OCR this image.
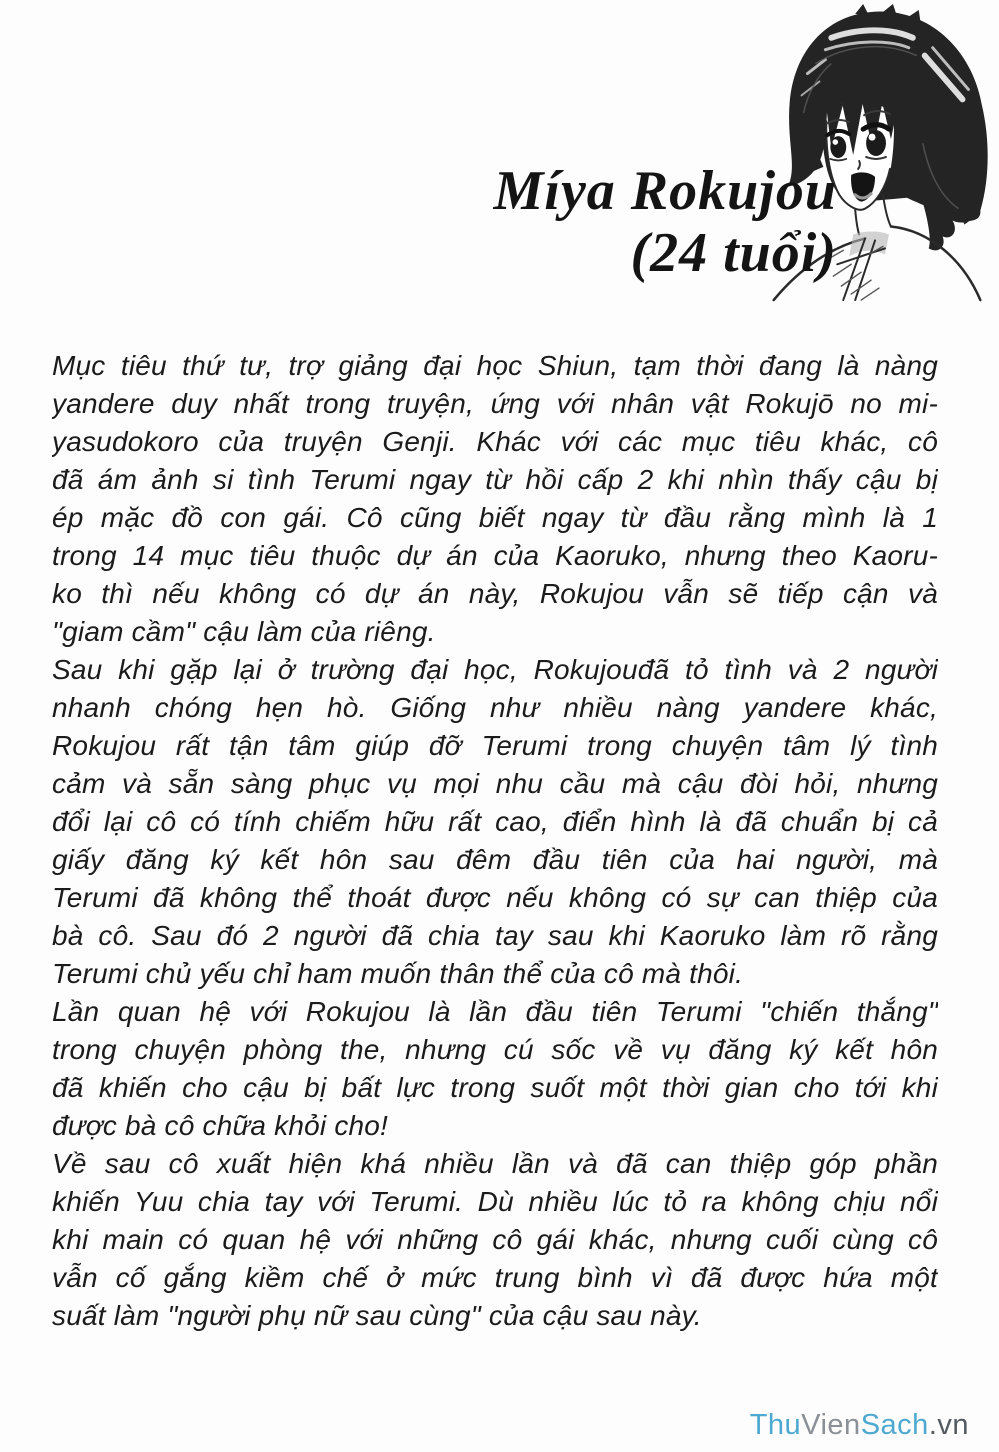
Míya Rokujou
(24 tuổi)
Mục tiêu thứ tư, trợ giảng đại học Shiun, tạm thời đang là nàng
yandere duy nhất trong truyện, ứng với nhân vật Rokujō no mi-
yasudokoro của truyện Genji. Khác với các mục tiêu khác, cô
đã ám ảnh si tình Terumi ngay từ hồi cấp 2 khi nhìn thấy cậu bị
ép mặc đồ con gái. Cô cũng biết ngay từ đầu rằng mình là 1
trong 14 mục tiêu thuộc dự án của Kaoruko, nhưng theo Kaoru-
ko thì nếu không có dự án này, Rokujou vẫn sẽ tiếp cận và
"giam cầm" cậu làm của riêng.
Sau khi gặp lại ở trường đại học, Rokujouđã tỏ tình và 2 người
nhanh chóng hẹn hò. Giống như nhiều nàng yandere khác,
Rokujou rất tận tâm giúp đỡ Terumi trong chuyện tâm lý tình
cảm và sẵn sàng phục vụ mọi nhu cầu mà cậu đòi hỏi, nhưng
đổi lại cô có tính chiếm hữu rất cao, điển hình là đã chuẩn bị cả
giấy đăng ký kết hôn sau đêm đầu tiên của hai người, mà
Terumi đã không thể thoát được nếu không có sự can thiệp của
bà cô. Sau đó 2 người đã chia tay sau khi Kaoruko làm rõ rằng
Terumi chủ yếu chỉ ham muốn thân thể của cô mà thôi.
Lần quan hệ với Rokujou là lần đầu tiên Terumi "chiến thắng"
trong chuyện phòng the, nhưng cú sốc về vụ đăng ký kết hôn
đã khiến cho cậu bị bất lực trong suốt một thời gian cho tới khi
được bà cô chữa khỏi cho!
Về sau cô xuất hiện khá nhiều lần và đã can thiệp góp phần
khiến Yuu chia tay với Terumi. Dù nhiều lúc tỏ ra không chịu nổi
khi main có quan hệ với những cô gái khác, nhưng cuối cùng cô
vẫn cố gắng kiềm chế ở mức trung bình vì đã được hứa một
suất làm "người phụ nữ sau cùng" của cậu sau này.
ThuVienSach.vn
